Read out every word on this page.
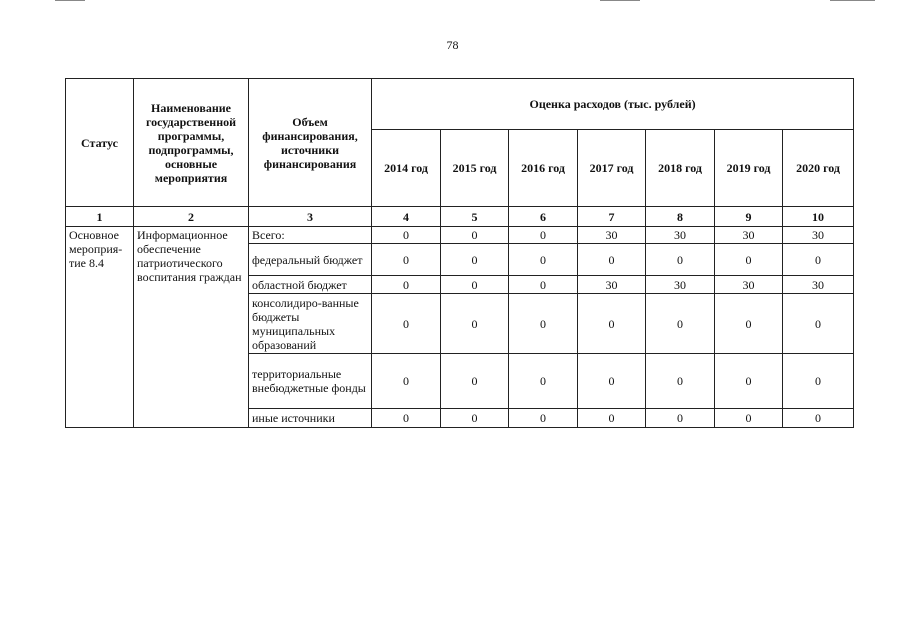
78
Статус	Наименование государственной программы, подпрограммы, основные мероприятия	Объем финансирования, источники финансирования	Оценка расходов (тыс. рублей)						
			2014 год	2015 год	2016 год	2017 год	2018 год	2019 год	2020 год
1	2	3	4	5	6	7	8	9	10
Основное мероприя-тие 8.4	Информационное обеспечение патриотического воспитания граждан	Всего:	0	0	0	30	30	30	30
		федеральный бюджет	0	0	0	0	0	0	0
		областной бюджет	0	0	0	30	30	30	30
		консолидиро-ванные бюджеты муниципальных образований	0	0	0	0	0	0	0
		территориальные внебюджетные фонды	0	0	0	0	0	0	0
		иные источники	0	0	0	0	0	0	0
